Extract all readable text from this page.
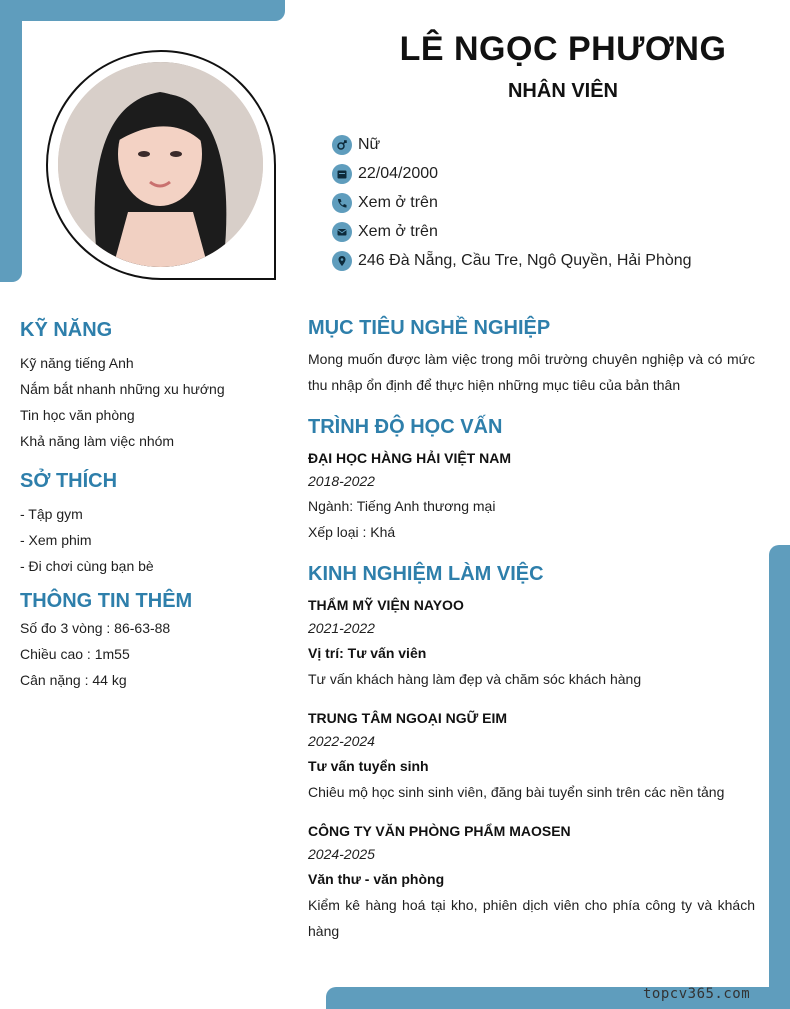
LÊ NGỌC PHƯƠNG
NHÂN VIÊN
Nữ
22/04/2000
Xem ở trên
Xem ở trên
246 Đà Nẵng, Cầu Tre, Ngô Quyền, Hải Phòng
KỸ NĂNG
Kỹ năng tiếng Anh
Nắm bắt nhanh những xu hướng
Tin học văn phòng
Khả năng làm việc nhóm
SỞ THÍCH
- Tập gym
- Xem phim
- Đi chơi cùng bạn bè
THÔNG TIN THÊM
Số đo 3 vòng : 86-63-88
Chiều cao : 1m55
Cân nặng : 44 kg
MỤC TIÊU NGHỀ NGHIỆP
Mong muốn được làm việc trong môi trường chuyên nghiệp và có mức thu nhập ổn định để thực hiện những mục tiêu của bản thân
TRÌNH ĐỘ HỌC VẤN
ĐẠI HỌC HÀNG HẢI VIỆT NAM
2018-2022
Ngành: Tiếng Anh thương mại
Xếp loại : Khá
KINH NGHIỆM LÀM VIỆC
THẨM MỸ VIỆN NAYOO
2021-2022
Vị trí: Tư vấn viên
Tư vấn khách hàng làm đẹp và chăm sóc khách hàng
TRUNG TÂM NGOẠI NGỮ EIM
2022-2024
Tư vấn tuyển sinh
Chiêu mộ học sinh sinh viên, đăng bài tuyển sinh trên các nền tảng
CÔNG TY VĂN PHÒNG PHẨM MAOSEN
2024-2025
Văn thư - văn phòng
Kiểm kê hàng hoá tại kho, phiên dịch viên cho phía công ty và khách hàng
topcv365.com
